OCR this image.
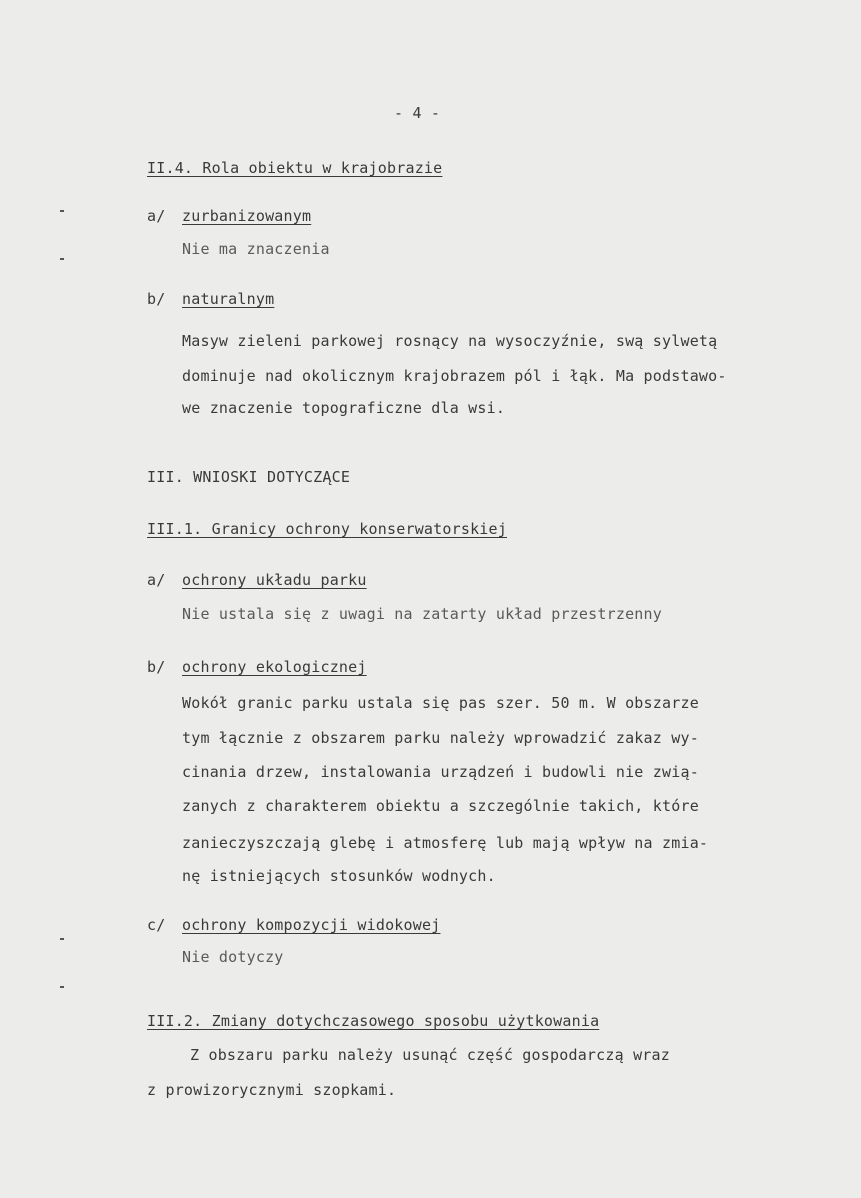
- 4 -
II.4. Rola obiektu w krajobrazie
a/ zurbanizowanym
Nie ma znaczenia
b/ naturalnym
Masyw zieleni parkowej rosnący na wysoczyźnie, swą sylwetą
dominuje nad okolicznym krajobrazem pól i łąk. Ma podstawo-
we znaczenie topograficzne dla wsi.
III. WNIOSKI DOTYCZĄCE
III.1. Granicy ochrony konserwatorskiej
a/ ochrony układu parku
Nie ustala się z uwagi na zatarty układ przestrzenny
b/ ochrony ekologicznej
Wokół granic parku ustala się pas szer. 50 m. W obszarze
tym łącznie z obszarem parku należy wprowadzić zakaz wy-
cinania drzew, instalowania urządzeń i budowli nie zwią-
zanych z charakterem obiektu a szczególnie takich, które
zanieczyszczają glebę i atmosferę lub mają wpływ na zmia-
nę istniejących stosunków wodnych.
c/ ochrony kompozycji widokowej
Nie dotyczy
III.2. Zmiany dotychczasowego sposobu użytkowania
Z obszaru parku należy usunąć część gospodarczą wraz
z prowizorycznymi szopkami.
